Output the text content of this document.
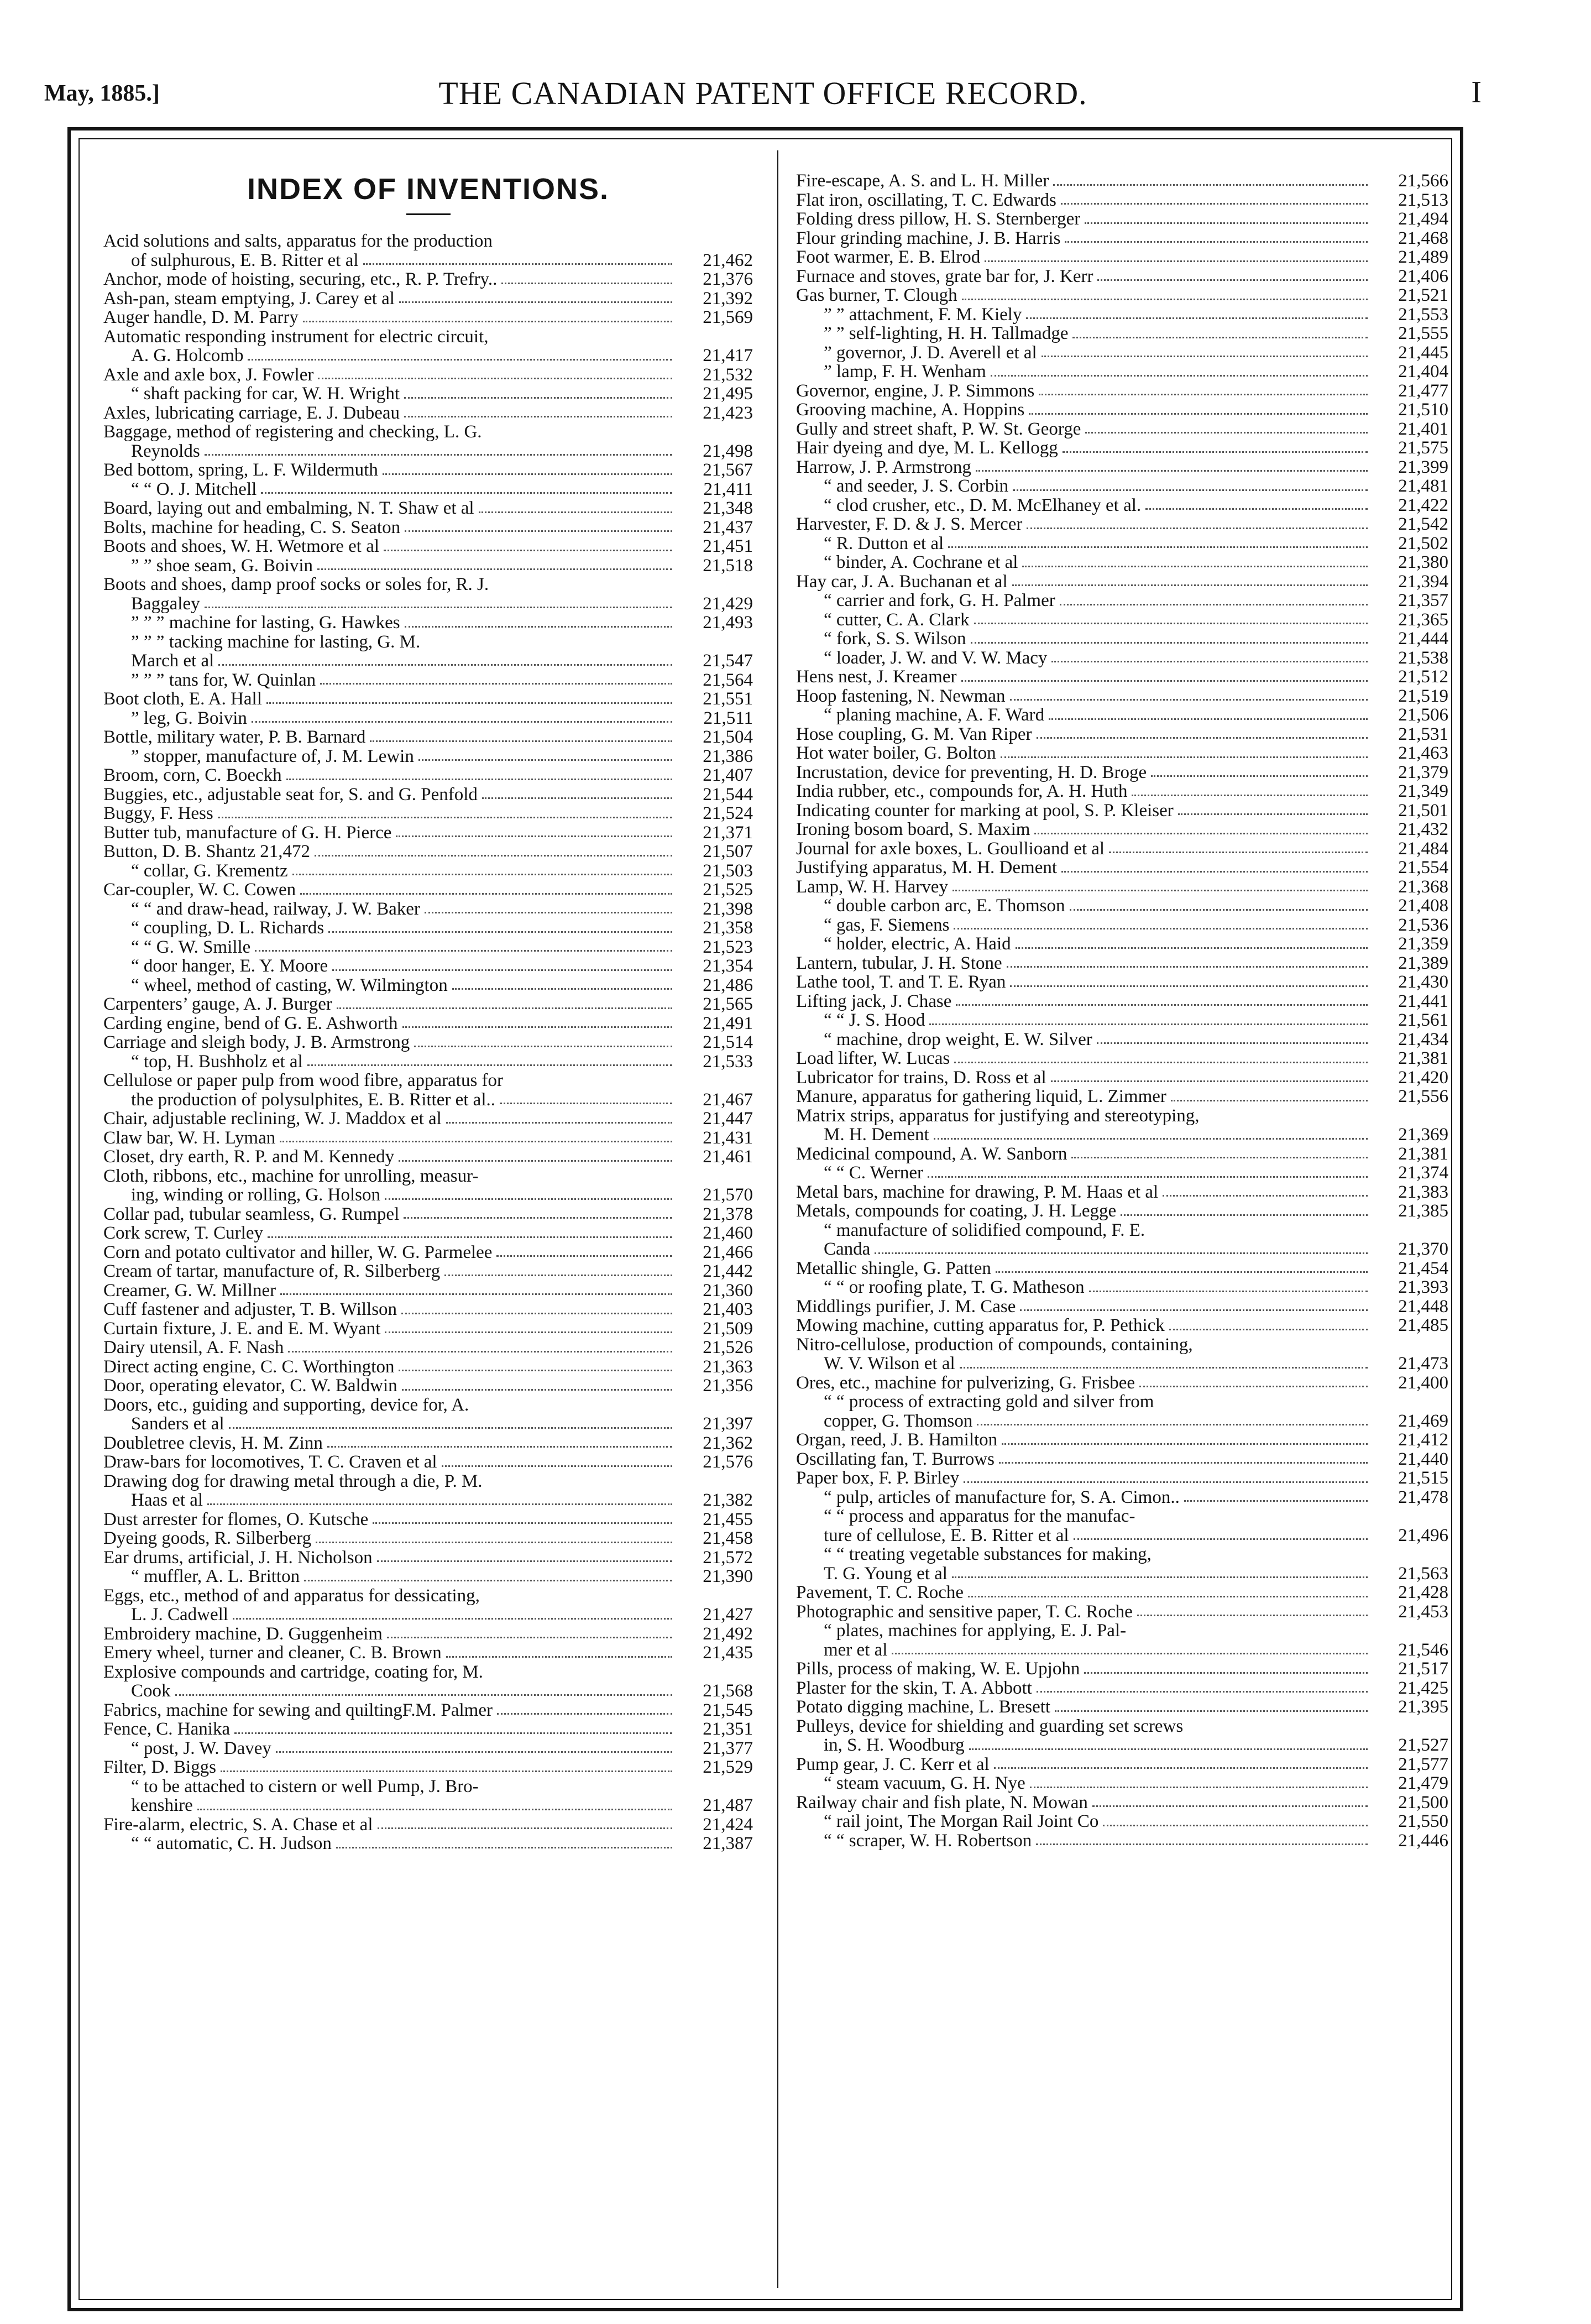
May, 1885.]	THE CANADIAN PATENT OFFICE RECORD.	I
INDEX OF INVENTIONS.
Acid solutions and salts, apparatus for the production
of sulphurous, E. B. Ritter et al	21,462
Anchor, mode of hoisting, securing, etc., R. P. Trefry..	21,376
Ash-pan, steam emptying, J. Carey et al	21,392
Auger handle, D. M. Parry	21,569
Automatic responding instrument for electric circuit,
A. G. Holcomb	21,417
Axle and axle box, J. Fowler	21,532
“ shaft packing for car, W. H. Wright	21,495
Axles, lubricating carriage, E. J. Dubeau	21,423
Baggage, method of registering and checking, L. G.
Reynolds	21,498
Bed bottom, spring, L. F. Wildermuth	21,567
“ “ O. J. Mitchell	21,411
Board, laying out and embalming, N. T. Shaw et al	21,348
Bolts, machine for heading, C. S. Seaton	21,437
Boots and shoes, W. H. Wetmore et al	21,451
” ” shoe seam, G. Boivin	21,518
Boots and shoes, damp proof socks or soles for, R. J.
Baggaley	21,429
” ” ” machine for lasting, G. Hawkes	21,493
” ” ” tacking machine for lasting, G. M.
March et al	21,547
” ” ” tans for, W. Quinlan	21,564
Boot cloth, E. A. Hall	21,551
” leg, G. Boivin	21,511
Bottle, military water, P. B. Barnard	21,504
” stopper, manufacture of, J. M. Lewin	21,386
Broom, corn, C. Boeckh	21,407
Buggies, etc., adjustable seat for, S. and G. Penfold	21,544
Buggy, F. Hess	21,524
Butter tub, manufacture of G. H. Pierce	21,371
Button, D. B. Shantz 21,472	21,507
“ collar, G. Krementz	21,503
Car-coupler, W. C. Cowen	21,525
“ “ and draw-head, railway, J. W. Baker	21,398
“ coupling, D. L. Richards	21,358
“ “ G. W. Smille	21,523
“ door hanger, E. Y. Moore	21,354
“ wheel, method of casting, W. Wilmington	21,486
Carpenters’ gauge, A. J. Burger	21,565
Carding engine, bend of G. E. Ashworth	21,491
Carriage and sleigh body, J. B. Armstrong	21,514
“ top, H. Bushholz et al	21,533
Cellulose or paper pulp from wood fibre, apparatus for
the production of polysulphites, E. B. Ritter et al..	21,467
Chair, adjustable reclining, W. J. Maddox et al	21,447
Claw bar, W. H. Lyman	21,431
Closet, dry earth, R. P. and M. Kennedy	21,461
Cloth, ribbons, etc., machine for unrolling, measur-
ing, winding or rolling, G. Holson	21,570
Collar pad, tubular seamless, G. Rumpel	21,378
Cork screw, T. Curley	21,460
Corn and potato cultivator and hiller, W. G. Parmelee	21,466
Cream of tartar, manufacture of, R. Silberberg	21,442
Creamer, G. W. Millner	21,360
Cuff fastener and adjuster, T. B. Willson	21,403
Curtain fixture, J. E. and E. M. Wyant	21,509
Dairy utensil, A. F. Nash	21,526
Direct acting engine, C. C. Worthington	21,363
Door, operating elevator, C. W. Baldwin	21,356
Doors, etc., guiding and supporting, device for, A.
Sanders et al	21,397
Doubletree clevis, H. M. Zinn	21,362
Draw-bars for locomotives, T. C. Craven et al	21,576
Drawing dog for drawing metal through a die, P. M.
Haas et al	21,382
Dust arrester for flomes, O. Kutsche	21,455
Dyeing goods, R. Silberberg	21,458
Ear drums, artificial, J. H. Nicholson	21,572
“ muffler, A. L. Britton	21,390
Eggs, etc., method of and apparatus for dessicating,
L. J. Cadwell	21,427
Embroidery machine, D. Guggenheim	21,492
Emery wheel, turner and cleaner, C. B. Brown	21,435
Explosive compounds and cartridge, coating for, M.
Cook	21,568
Fabrics, machine for sewing and quiltingF.M. Palmer	21,545
Fence, C. Hanika	21,351
“ post, J. W. Davey	21,377
Filter, D. Biggs	21,529
“ to be attached to cistern or well Pump, J. Bro-
kenshire	21,487
Fire-alarm, electric, S. A. Chase et al	21,424
“ “ automatic, C. H. Judson	21,387
Fire-escape, A. S. and L. H. Miller	21,566
Flat iron, oscillating, T. C. Edwards	21,513
Folding dress pillow, H. S. Sternberger	21,494
Flour grinding machine, J. B. Harris	21,468
Foot warmer, E. B. Elrod	21,489
Furnace and stoves, grate bar for, J. Kerr	21,406
Gas burner, T. Clough	21,521
” ” attachment, F. M. Kiely	21,553
” ” self-lighting, H. H. Tallmadge	21,555
” governor, J. D. Averell et al	21,445
” lamp, F. H. Wenham	21,404
Governor, engine, J. P. Simmons	21,477
Grooving machine, A. Hoppins	21,510
Gully and street shaft, P. W. St. George	21,401
Hair dyeing and dye, M. L. Kellogg	21,575
Harrow, J. P. Armstrong	21,399
“ and seeder, J. S. Corbin	21,481
“ clod crusher, etc., D. M. McElhaney et al.	21,422
Harvester, F. D. & J. S. Mercer	21,542
“ R. Dutton et al	21,502
“ binder, A. Cochrane et al	21,380
Hay car, J. A. Buchanan et al	21,394
“ carrier and fork, G. H. Palmer	21,357
“ cutter, C. A. Clark	21,365
“ fork, S. S. Wilson	21,444
“ loader, J. W. and V. W. Macy	21,538
Hens nest, J. Kreamer	21,512
Hoop fastening, N. Newman	21,519
“ planing machine, A. F. Ward	21,506
Hose coupling, G. M. Van Riper	21,531
Hot water boiler, G. Bolton	21,463
Incrustation, device for preventing, H. D. Broge	21,379
India rubber, etc., compounds for, A. H. Huth	21,349
Indicating counter for marking at pool, S. P. Kleiser	21,501
Ironing bosom board, S. Maxim	21,432
Journal for axle boxes, L. Goullioand et al	21,484
Justifying apparatus, M. H. Dement	21,554
Lamp, W. H. Harvey	21,368
“ double carbon arc, E. Thomson	21,408
“ gas, F. Siemens	21,536
“ holder, electric, A. Haid	21,359
Lantern, tubular, J. H. Stone	21,389
Lathe tool, T. and T. E. Ryan	21,430
Lifting jack, J. Chase	21,441
“ “ J. S. Hood	21,561
“ machine, drop weight, E. W. Silver	21,434
Load lifter, W. Lucas	21,381
Lubricator for trains, D. Ross et al	21,420
Manure, apparatus for gathering liquid, L. Zimmer	21,556
Matrix strips, apparatus for justifying and stereotyping,
M. H. Dement	21,369
Medicinal compound, A. W. Sanborn	21,381
“ “ C. Werner	21,374
Metal bars, machine for drawing, P. M. Haas et al	21,383
Metals, compounds for coating, J. H. Legge	21,385
“ manufacture of solidified compound, F. E.
Canda	21,370
Metallic shingle, G. Patten	21,454
“ “ or roofing plate, T. G. Matheson	21,393
Middlings purifier, J. M. Case	21,448
Mowing machine, cutting apparatus for, P. Pethick	21,485
Nitro-cellulose, production of compounds, containing,
W. V. Wilson et al	21,473
Ores, etc., machine for pulverizing, G. Frisbee	21,400
“ “ process of extracting gold and silver from
copper, G. Thomson	21,469
Organ, reed, J. B. Hamilton	21,412
Oscillating fan, T. Burrows	21,440
Paper box, F. P. Birley	21,515
“ pulp, articles of manufacture for, S. A. Cimon..	21,478
“ “ process and apparatus for the manufac-
ture of cellulose, E. B. Ritter et al	21,496
“ “ treating vegetable substances for making,
T. G. Young et al	21,563
Pavement, T. C. Roche	21,428
Photographic and sensitive paper, T. C. Roche	21,453
“ plates, machines for applying, E. J. Pal-
mer et al	21,546
Pills, process of making, W. E. Upjohn	21,517
Plaster for the skin, T. A. Abbott	21,425
Potato digging machine, L. Bresett	21,395
Pulleys, device for shielding and guarding set screws
in, S. H. Woodburg	21,527
Pump gear, J. C. Kerr et al	21,577
“ steam vacuum, G. H. Nye	21,479
Railway chair and fish plate, N. Mowan	21,500
“ rail joint, The Morgan Rail Joint Co	21,550
“ “ scraper, W. H. Robertson	21,446
